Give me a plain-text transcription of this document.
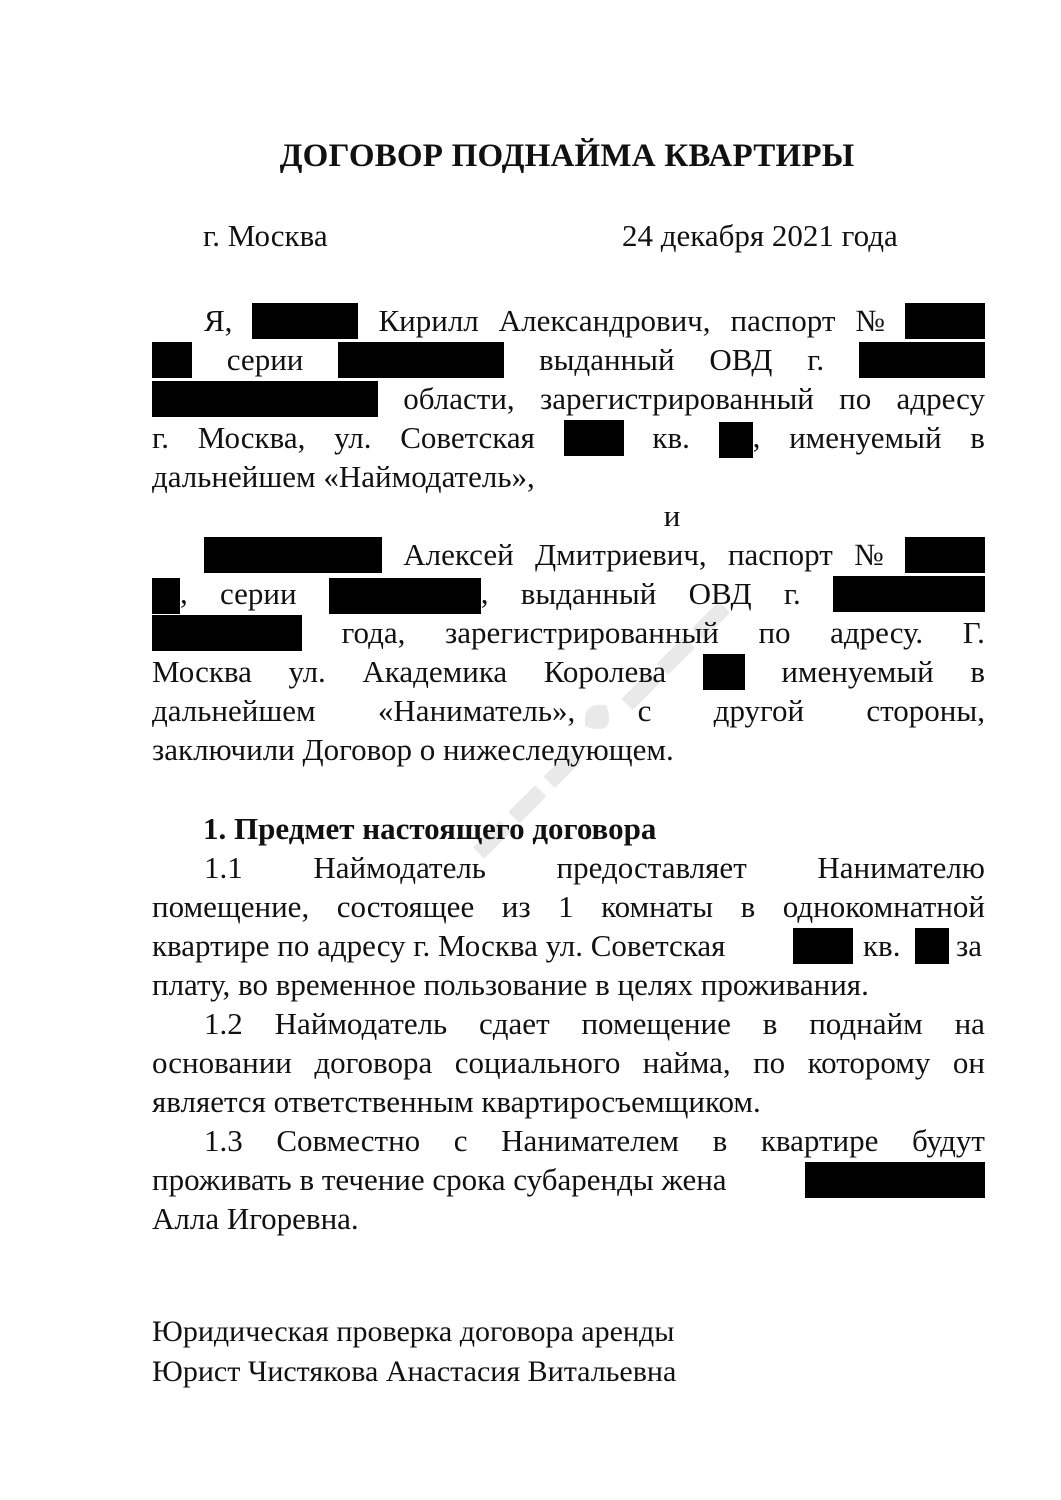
ДОГОВОР ПОДНАЙМА КВАРТИРЫ
г. Москва	24 декабря 2021 года
Я,	Кирилл Александрович, паспорт №
серии	выданный ОВД г.
области, зарегистрированный по адресу
г. Москва, ул. Советская	кв.	, именуемый в
дальнейшем «Наймодатель»,
и
Алексей Дмитриевич, паспорт №
, серии	, выданный ОВД г.
года, зарегистрированный по адресу. Г.
Москва ул. Академика Королева	именуемый в
дальнейшем «Наниматель», с другой стороны,
заключили Договор о нижеследующем.
1. Предмет настоящего договора
1.1 Наймодатель предоставляет Нанимателю
помещение, состоящее из 1 комнаты в однокомнатной
квартире по адресу г. Москва ул. Советская	кв. за
плату, во временное пользование в целях проживания.
1.2 Наймодатель сдает помещение в поднайм на
основании договора социального найма, по которому он
является ответственным квартиросъемщиком.
1.3 Совместно с Нанимателем в квартире будут
проживать в течение срока субаренды жена
Алла Игоревна.
Юридическая проверка договора аренды
Юрист Чистякова Анастасия Витальевна
